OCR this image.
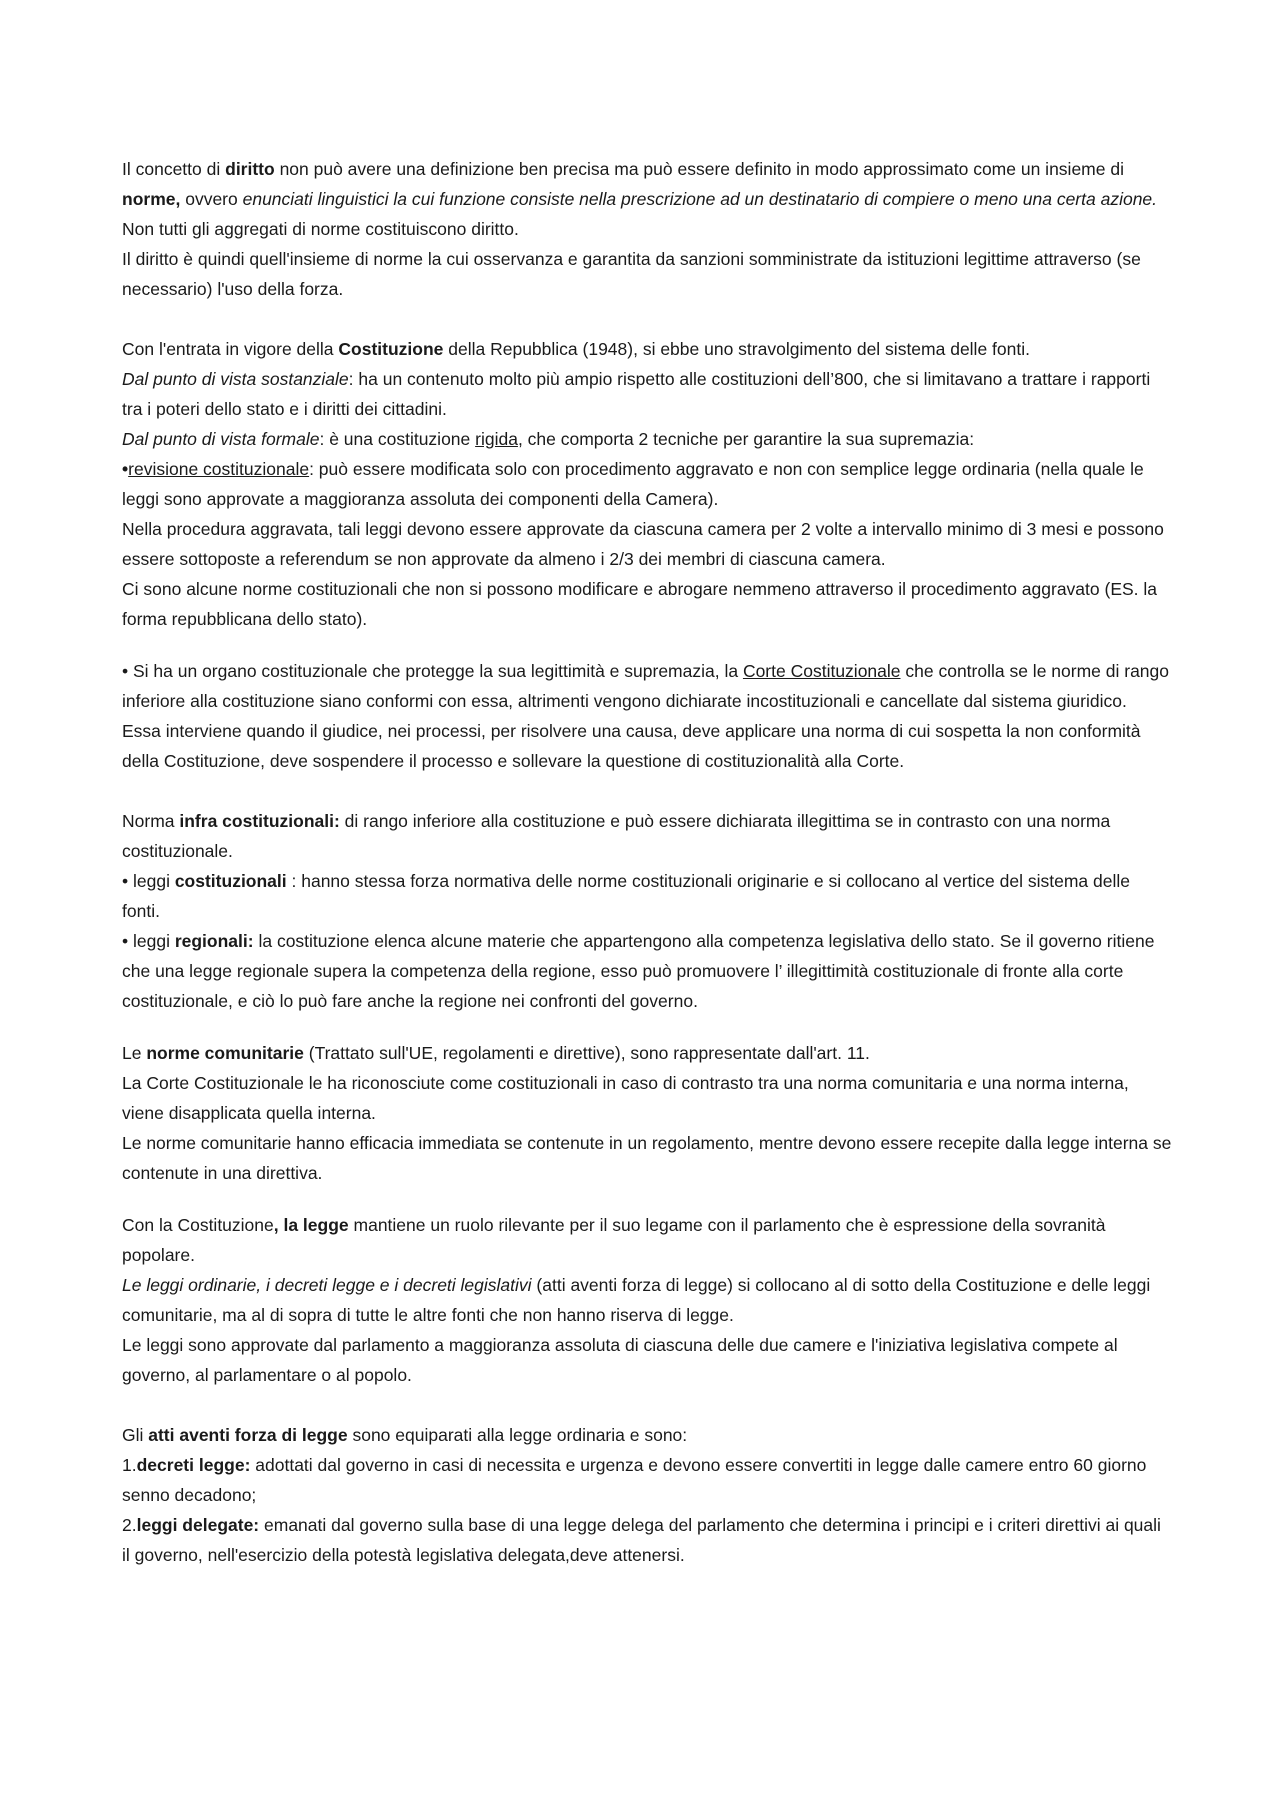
Il concetto di diritto non può avere una definizione ben precisa ma può essere definito in modo approssimato come un insieme di norme, ovvero enunciati linguistici la cui funzione consiste nella prescrizione ad un destinatario di compiere o meno una certa azione. Non tutti gli aggregati di norme costituiscono diritto.

Il diritto è quindi quell'insieme di norme la cui osservanza e garantita da sanzioni somministrate da istituzioni legittime attraverso (se necessario) l'uso della forza.

Con l'entrata in vigore della Costituzione della Repubblica (1948), si ebbe uno stravolgimento del sistema delle fonti.

Dal punto di vista sostanziale: ha un contenuto molto più ampio rispetto alle costituzioni dell’800, che si limitavano a trattare i rapporti tra i poteri dello stato e i diritti dei cittadini.

Dal punto di vista formale: è una costituzione rigida, che comporta 2 tecniche per garantire la sua supremazia:

•revisione costituzionale: può essere modificata solo con procedimento aggravato e non con semplice legge ordinaria (nella quale le leggi sono approvate a maggioranza assoluta dei componenti della Camera).

Nella procedura aggravata, tali leggi devono essere approvate da ciascuna camera per 2 volte a intervallo minimo di 3 mesi e possono essere sottoposte a referendum se non approvate da almeno i 2/3 dei membri di ciascuna camera.

Ci sono alcune norme costituzionali che non si possono modificare e abrogare nemmeno attraverso il procedimento aggravato (ES. la forma repubblicana dello stato).

• Si ha un organo costituzionale che protegge la sua legittimità e supremazia, la Corte Costituzionale che controlla se le norme di rango inferiore alla costituzione siano conformi con essa, altrimenti vengono dichiarate incostituzionali e cancellate dal sistema giuridico.

Essa interviene quando il giudice, nei processi, per risolvere una causa, deve applicare una norma di cui sospetta la non conformità della Costituzione, deve sospendere il processo e sollevare la questione di costituzionalità alla Corte.

Norma infra costituzionali: di rango inferiore alla costituzione e può essere dichiarata illegittima se in contrasto con una norma costituzionale.

• leggi costituzionali : hanno stessa forza normativa delle norme costituzionali originarie e si collocano al vertice del sistema delle fonti.

• leggi regionali: la costituzione elenca alcune materie che appartengono alla competenza legislativa dello stato. Se il governo ritiene che una legge regionale supera la competenza della regione, esso può promuovere l’ illegittimità costituzionale di fronte alla corte costituzionale, e ciò lo può fare anche la regione nei confronti del governo.

Le norme comunitarie (Trattato sull'UE, regolamenti e direttive), sono rappresentate dall'art. 11.

La Corte Costituzionale le ha riconosciute come costituzionali in caso di contrasto tra una norma comunitaria e una norma interna, viene disapplicata quella interna.

Le norme comunitarie hanno efficacia immediata se contenute in un regolamento, mentre devono essere recepite dalla legge interna se contenute in una direttiva.

Con la Costituzione, la legge mantiene un ruolo rilevante per il suo legame con il parlamento che è espressione della sovranità popolare.

Le leggi ordinarie, i decreti legge e i decreti legislativi (atti aventi forza di legge) si collocano al di sotto della Costituzione e delle leggi comunitarie, ma al di sopra di tutte le altre fonti che non hanno riserva di legge.

Le leggi sono approvate dal parlamento a maggioranza assoluta di ciascuna delle due camere e l'iniziativa legislativa compete al governo, al parlamentare o al popolo.

Gli atti aventi forza di legge sono equiparati alla legge ordinaria e sono:

1.decreti legge: adottati dal governo in casi di necessita e urgenza e devono essere convertiti in legge dalle camere entro 60 giorno senno decadono;

2.leggi delegate: emanati dal governo sulla base di una legge delega del parlamento che determina i principi e i criteri direttivi ai quali il governo, nell'esercizio della potestà legislativa delegata,deve attenersi.
